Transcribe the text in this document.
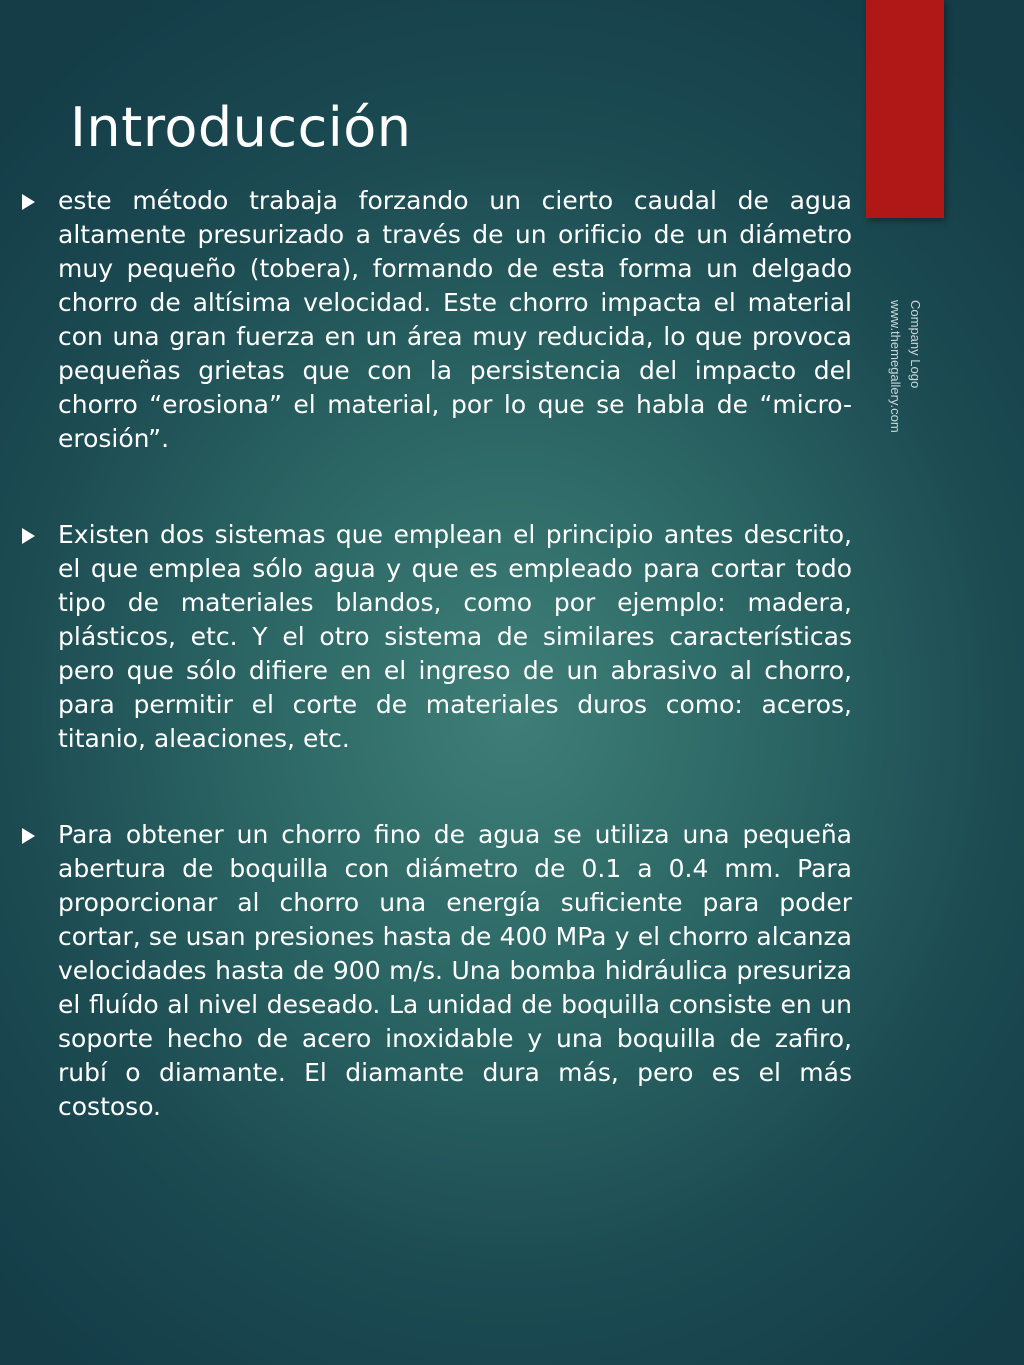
Introducción
Company Logo
www.themegallery.com

este método trabaja forzando un cierto caudal de agua altamente presurizado a través de un orificio de un diámetro muy pequeño (tobera), formando de esta forma un delgado chorro de altísima velocidad. Este chorro impacta el material con una gran fuerza en un área muy reducida, lo que provoca pequeñas grietas que con la persistencia del impacto del chorro “erosiona” el material, por lo que se habla de “micro-erosión”.

Existen dos sistemas que emplean el principio antes descrito, el que emplea sólo agua y que es empleado para cortar todo tipo de materiales blandos, como por ejemplo: madera, plásticos, etc. Y el otro sistema de similares características pero que sólo difiere en el ingreso de un abrasivo al chorro, para permitir el corte de materiales duros como: aceros, titanio, aleaciones, etc.

Para obtener un chorro fino de agua se utiliza una pequeña abertura de boquilla con diámetro de 0.1 a 0.4 mm. Para proporcionar al chorro una energía suficiente para poder cortar, se usan presiones hasta de 400 MPa y el chorro alcanza velocidades hasta de 900 m/s. Una bomba hidráulica presuriza el fluído al nivel deseado. La unidad de boquilla consiste en un soporte hecho de acero inoxidable y una boquilla de zafiro, rubí o diamante. El diamante dura más, pero es el más costoso.
